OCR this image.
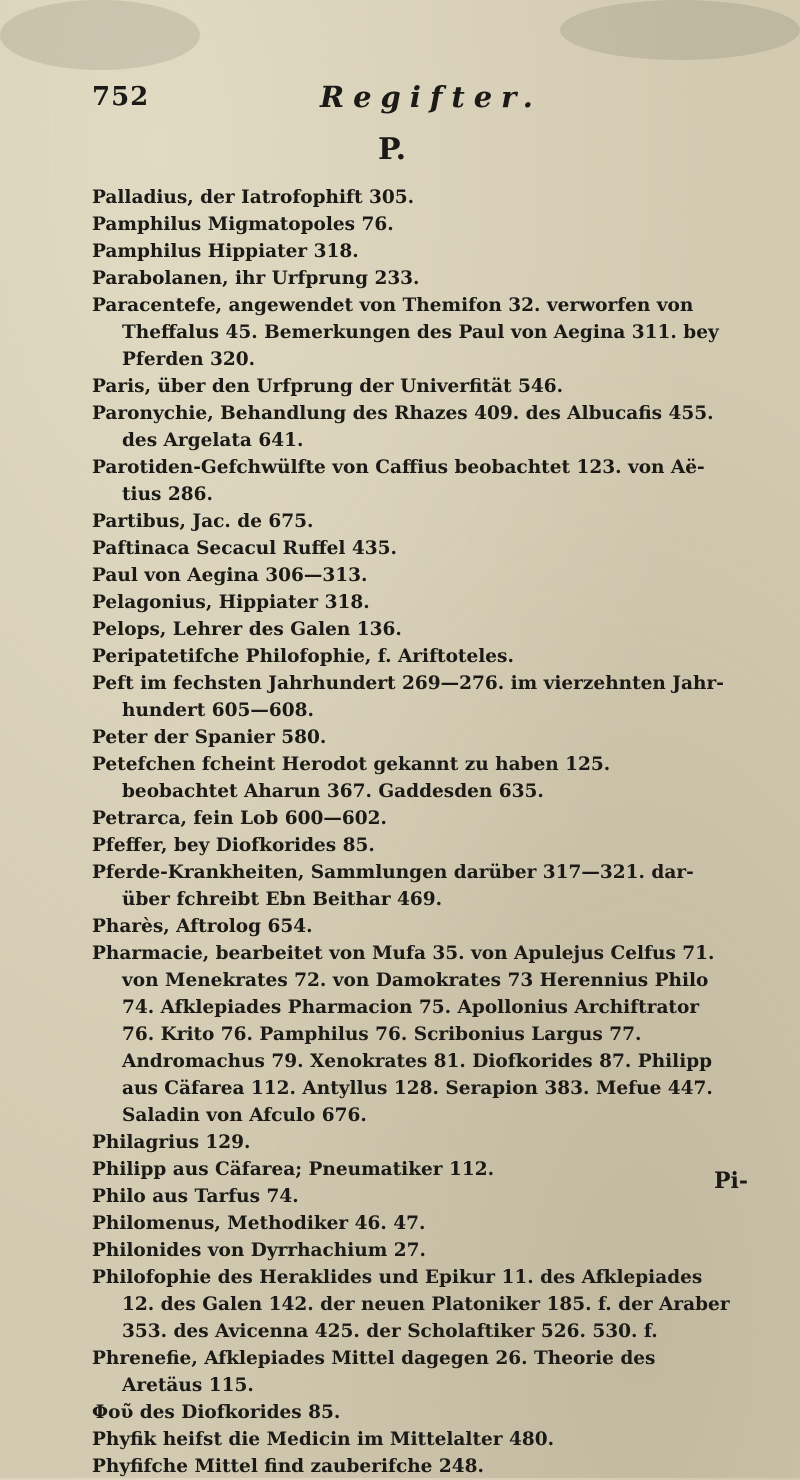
752	Regifter.
P.
Palladius, der Iatrofophift 305.
Pamphilus Migmatopoles 76.
Pamphilus Hippiater 318.
Parabolanen, ihr Urfprung 233.
Paracentefe, angewendet von Themifon 32. verworfen von Theffalus 45. Bemerkungen des Paul von Aegina 311. bey Pferden 320.
Paris, über den Urfprung der Univerfität 546.
Paronychie, Behandlung des Rhazes 409. des Albucafis 455. des Argelata 641.
Parotiden-Gefchwülfte von Caffius beobachtet 123. von Aë-tius 286.
Partibus, Jac. de 675.
Paftinaca Secacul Ruffel 435.
Paul von Aegina 306—313.
Pelagonius, Hippiater 318.
Pelops, Lehrer des Galen 136.
Peripatetifche Philofophie, f. Ariftoteles.
Peft im fechsten Jahrhundert 269—276. im vierzehnten Jahr-hundert 605—608.
Peter der Spanier 580.
Petefchen fcheint Herodot gekannt zu haben 125. beobachtet Aharun 367. Gaddesden 635.
Petrarca, fein Lob 600—602.
Pfeffer, bey Diofkorides 85.
Pferde-Krankheiten, Sammlungen darüber 317—321. dar-über fchreibt Ebn Beithar 469.
Pharès, Aftrolog 654.
Pharmacie, bearbeitet von Mufa 35. von Apulejus Celfus 71. von Menekrates 72. von Damokrates 73 Herennius Philo 74. Afklepiades Pharmacion 75. Apollonius Archiftrator 76. Krito 76. Pamphilus 76. Scribonius Largus 77. Andromachus 79. Xenokrates 81. Diofkorides 87. Philipp aus Cäfarea 112. Antyllus 128. Serapion 383. Mefue 447. Saladin von Afculo 676.
Philagrius 129.
Philipp aus Cäfarea; Pneumatiker 112.
Philo aus Tarfus 74.
Philomenus, Methodiker 46. 47.
Philonides von Dyrrhachium 27.
Philofophie des Heraklides und Epikur 11. des Afklepiades 12. des Galen 142. der neuen Platoniker 185. f. der Araber 353. des Avicenna 425. der Scholaftiker 526. 530. f.
Phrenefie, Afklepiades Mittel dagegen 26. Theorie des Aretäus 115.
Φοῦ des Diofkorides 85.
Phyfik heifst die Medicin im Mittelalter 480.
Phyfifche Mittel find zauberifche 248.
Pi-
